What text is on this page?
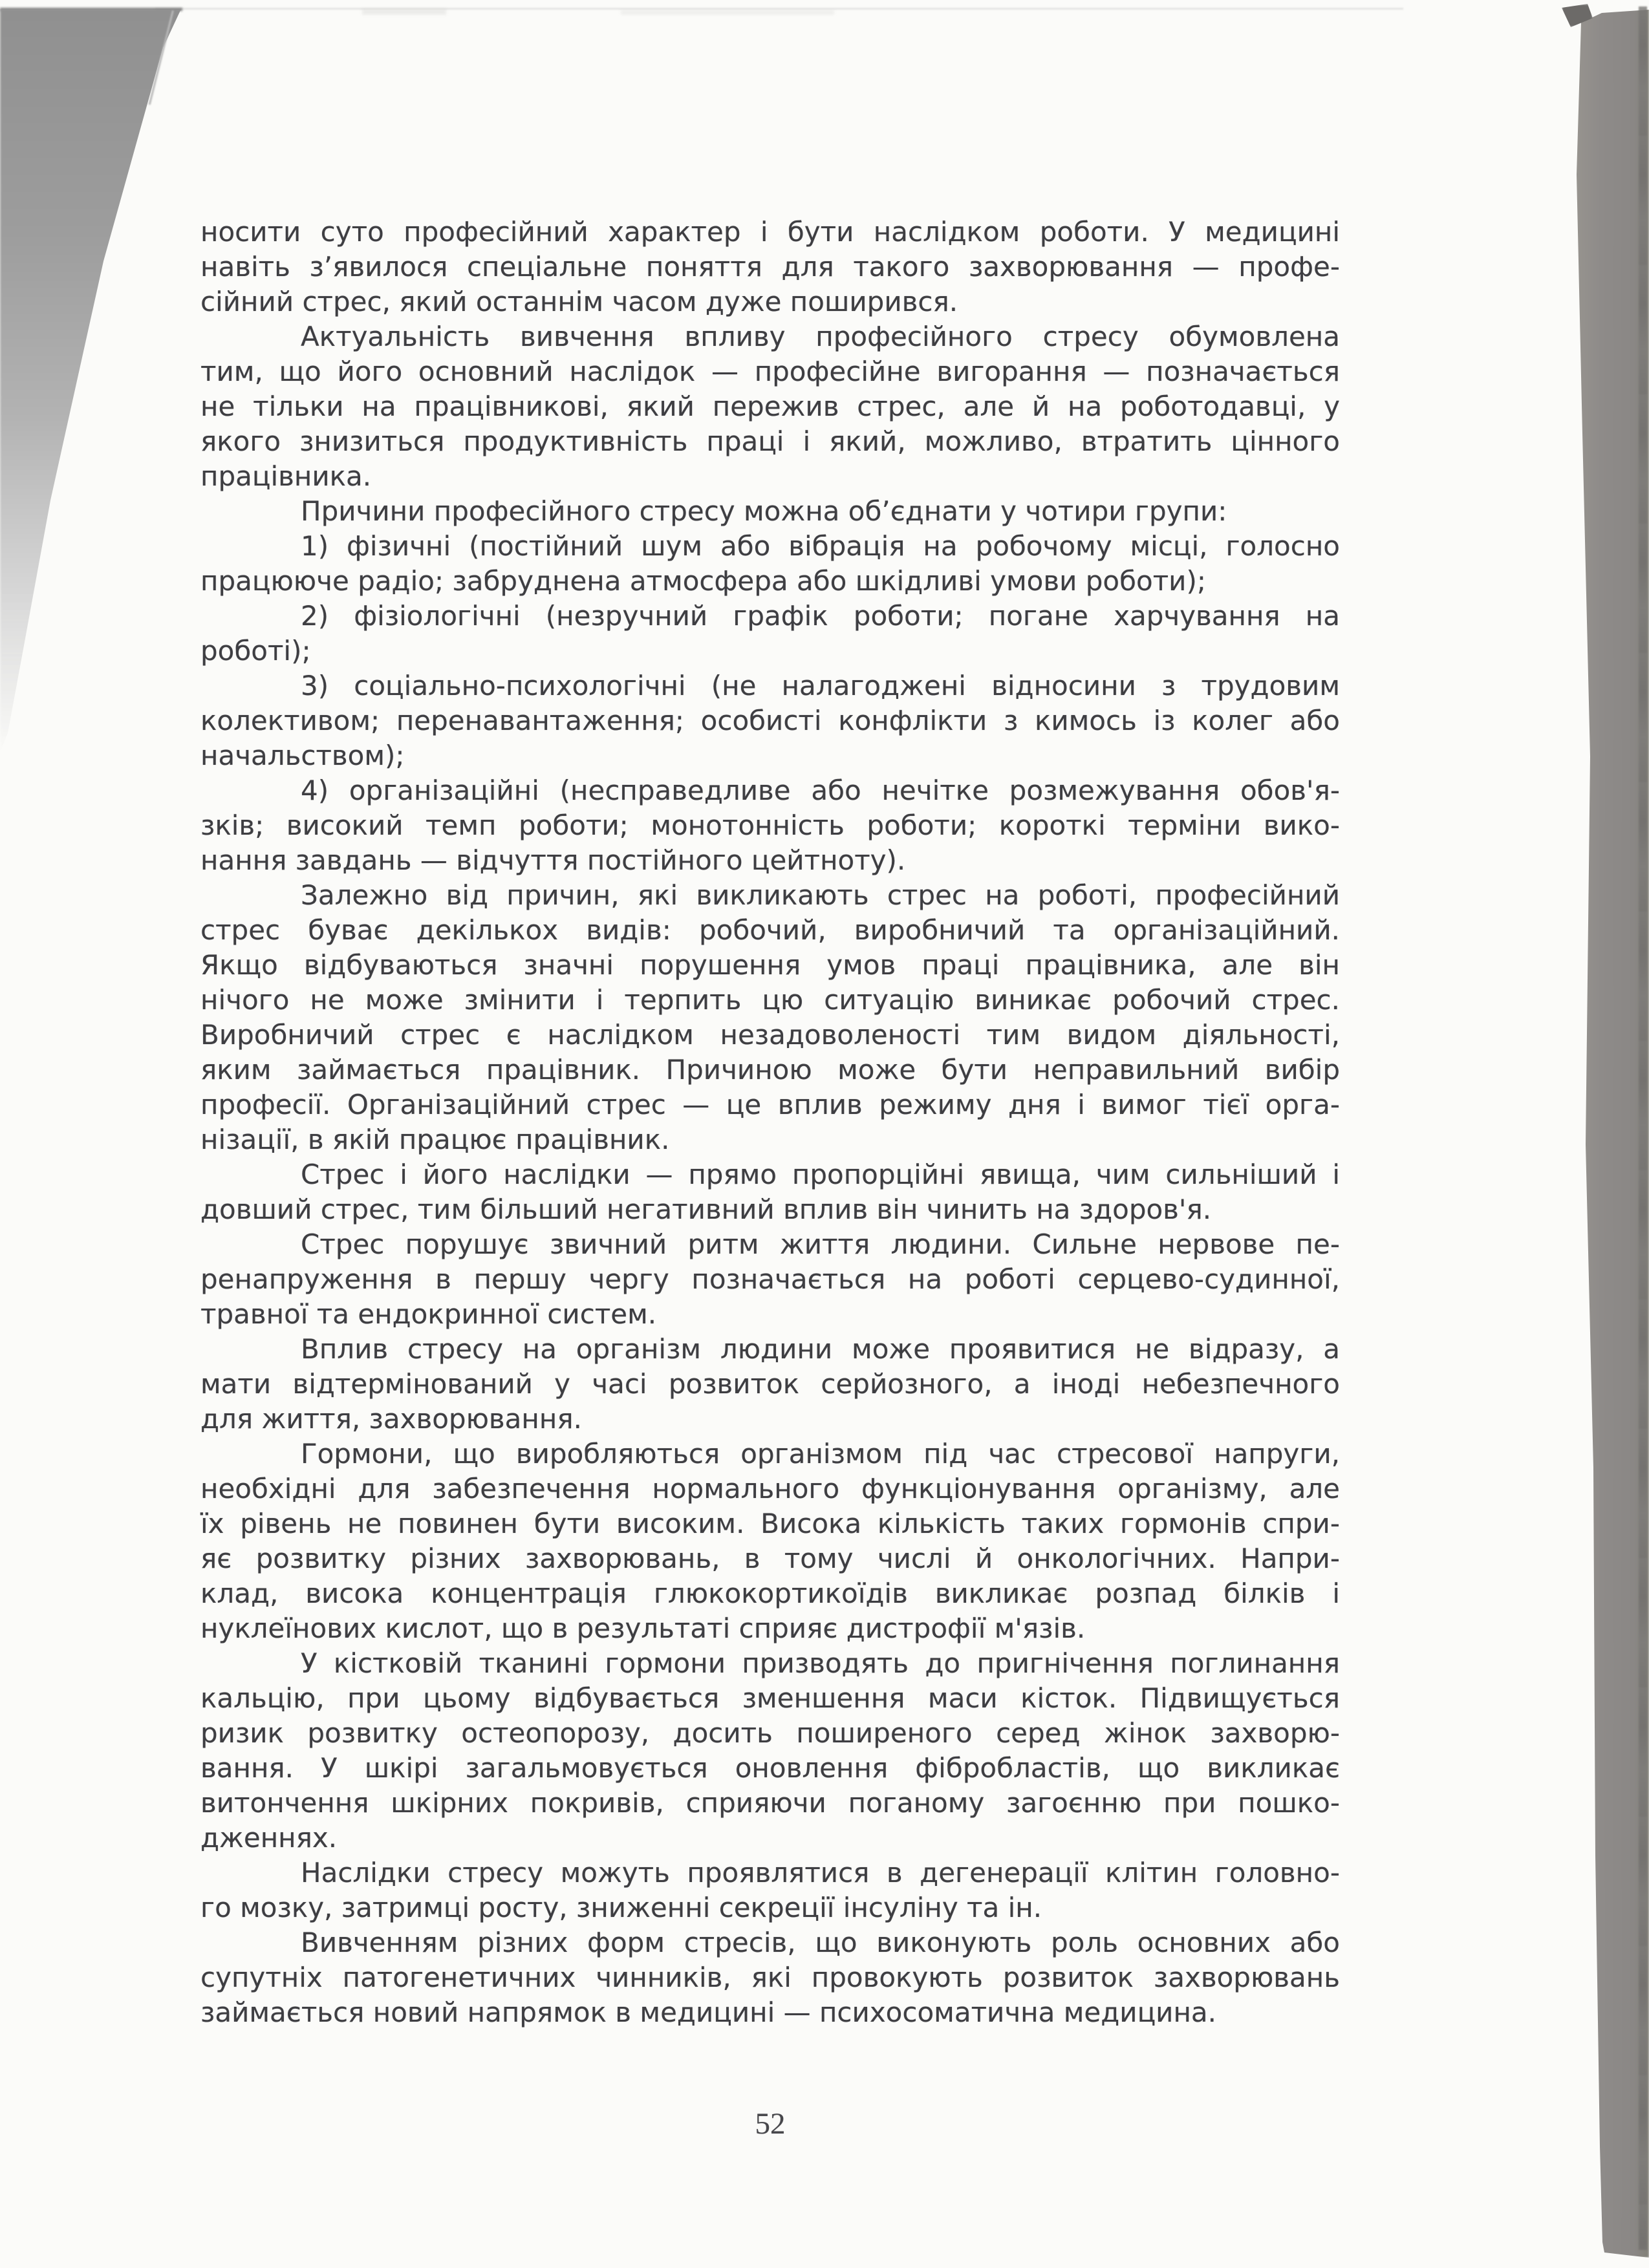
носити суто професійний характер і бути наслідком роботи. У медицині
навіть з’явилося спеціальне поняття для такого захворювання — профе-
сійний стрес, який останнім часом дуже поширився.
Актуальність вивчення впливу професійного стресу обумовлена
тим, що його основний наслідок — професійне вигорання — позначається
не тільки на працівникові, який пережив стрес, але й на роботодавці, у
якого знизиться продуктивність праці і який, можливо, втратить цінного
працівника.
Причини професійного стресу можна об’єднати у чотири групи:
1) фізичні (постійний шум або вібрація на робочому місці, голосно
працююче радіо; забруднена атмосфера або шкідливі умови роботи);
2) фізіологічні (незручний графік роботи; погане харчування на
роботі);
3) соціально-психологічні (не налагоджені відносини з трудовим
колективом; перенавантаження; особисті конфлікти з кимось із колег або
начальством);
4) організаційні (несправедливе або нечітке розмежування обов'я-
зків; високий темп роботи; монотонність роботи; короткі терміни вико-
нання завдань — відчуття постійного цейтноту).
Залежно від причин, які викликають стрес на роботі, професійний
стрес буває декількох видів: робочий, виробничий та організаційний.
Якщо відбуваються значні порушення умов праці працівника, але він
нічого не може змінити і терпить цю ситуацію виникає робочий стрес.
Виробничий стрес є наслідком незадоволеності тим видом діяльності,
яким займається працівник. Причиною може бути неправильний вибір
професії. Організаційний стрес — це вплив режиму дня і вимог тієї орга-
нізації, в якій працює працівник.
Стрес і його наслідки — прямо пропорційні явища, чим сильніший і
довший стрес, тим більший негативний вплив він чинить на здоров'я.
Стрес порушує звичний ритм життя людини. Сильне нервове пе-
ренапруження в першу чергу позначається на роботі серцево-судинної,
травної та ендокринної систем.
Вплив стресу на організм людини може проявитися не відразу, а
мати відтермінований у часі розвиток серйозного, а іноді небезпечного
для життя, захворювання.
Гормони, що виробляються організмом під час стресової напруги,
необхідні для забезпечення нормального функціонування організму, але
їх рівень не повинен бути високим. Висока кількість таких гормонів спри-
яє розвитку різних захворювань, в тому числі й онкологічних. Напри-
клад, висока концентрація глюкокортикоїдів викликає розпад білків і
нуклеїнових кислот, що в результаті сприяє дистрофії м'язів.
У кістковій тканині гормони призводять до пригнічення поглинання
кальцію, при цьому відбувається зменшення маси кісток. Підвищується
ризик розвитку остеопорозу, досить поширеного серед жінок захворю-
вання. У шкірі загальмовується оновлення фібробластів, що викликає
витончення шкірних покривів, сприяючи поганому загоєнню при пошко-
дженнях.
Наслідки стресу можуть проявлятися в дегенерації клітин головно-
го мозку, затримці росту, зниженні секреції інсуліну та ін.
Вивченням різних форм стресів, що виконують роль основних або
супутніх патогенетичних чинників, які провокують розвиток захворювань
займається новий напрямок в медицині — психосоматична медицина.
52
